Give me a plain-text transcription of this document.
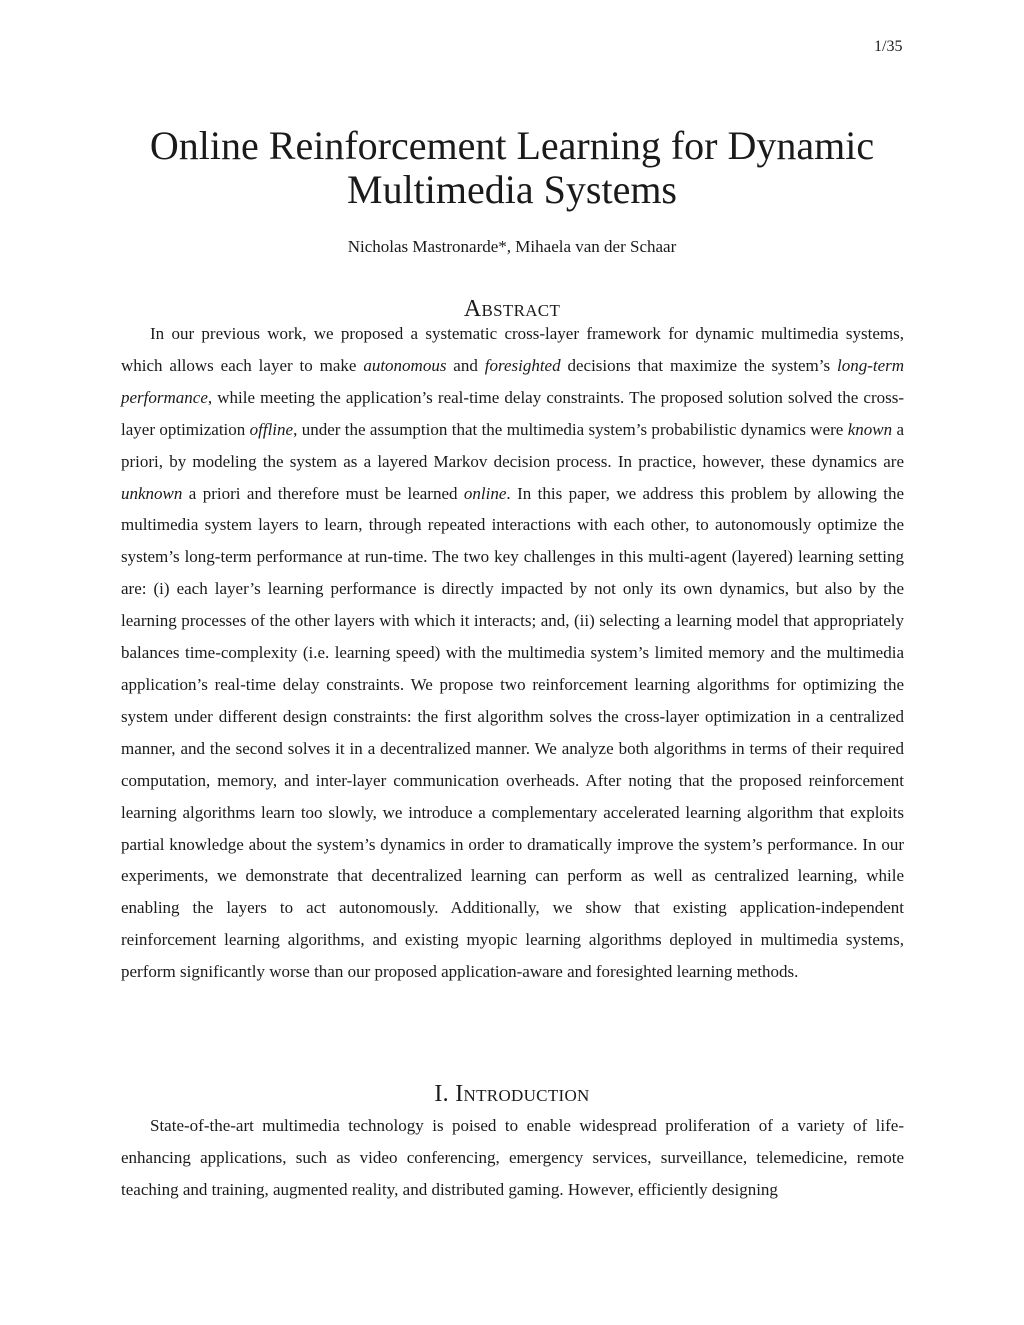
1/35
Online Reinforcement Learning for Dynamic
Multimedia Systems
Nicholas Mastronarde*, Mihaela van der Schaar
Abstract

In our previous work, we proposed a systematic cross-layer framework for dynamic multimedia systems, which allows each layer to make autonomous and foresighted decisions that maximize the system’s long-term performance, while meeting the application’s real-time delay constraints. The proposed solution solved the cross-layer optimization offline, under the assumption that the multimedia system’s probabilistic dynamics were known a priori, by modeling the system as a layered Markov decision process. In practice, however, these dynamics are unknown a priori and therefore must be learned online. In this paper, we address this problem by allowing the multimedia system layers to learn, through repeated interactions with each other, to autonomously optimize the system’s long-term performance at run-time. The two key challenges in this multi-agent (layered) learning setting are: (i) each layer’s learning performance is directly impacted by not only its own dynamics, but also by the learning processes of the other layers with which it interacts; and, (ii) selecting a learning model that appropriately balances time-complexity (i.e. learning speed) with the multimedia system’s limited memory and the multimedia application’s real-time delay constraints. We propose two reinforcement learning algorithms for optimizing the system under different design constraints: the first algorithm solves the cross-layer optimization in a centralized manner, and the second solves it in a decentralized manner. We analyze both algorithms in terms of their required computation, memory, and inter-layer communication overheads. After noting that the proposed reinforcement learning algorithms learn too slowly, we introduce a complementary accelerated learning algorithm that exploits partial knowledge about the system’s dynamics in order to dramatically improve the system’s performance. In our experiments, we demonstrate that decentralized learning can perform as well as centralized learning, while enabling the layers to act autonomously. Additionally, we show that existing application-independent reinforcement learning algorithms, and existing myopic learning algorithms deployed in multimedia systems, perform significantly worse than our proposed application-aware and foresighted learning methods.

I. Introduction

State-of-the-art multimedia technology is poised to enable widespread proliferation of a variety of life-enhancing applications, such as video conferencing, emergency services, surveillance, telemedicine, remote teaching and training, augmented reality, and distributed gaming. However, efficiently designing
